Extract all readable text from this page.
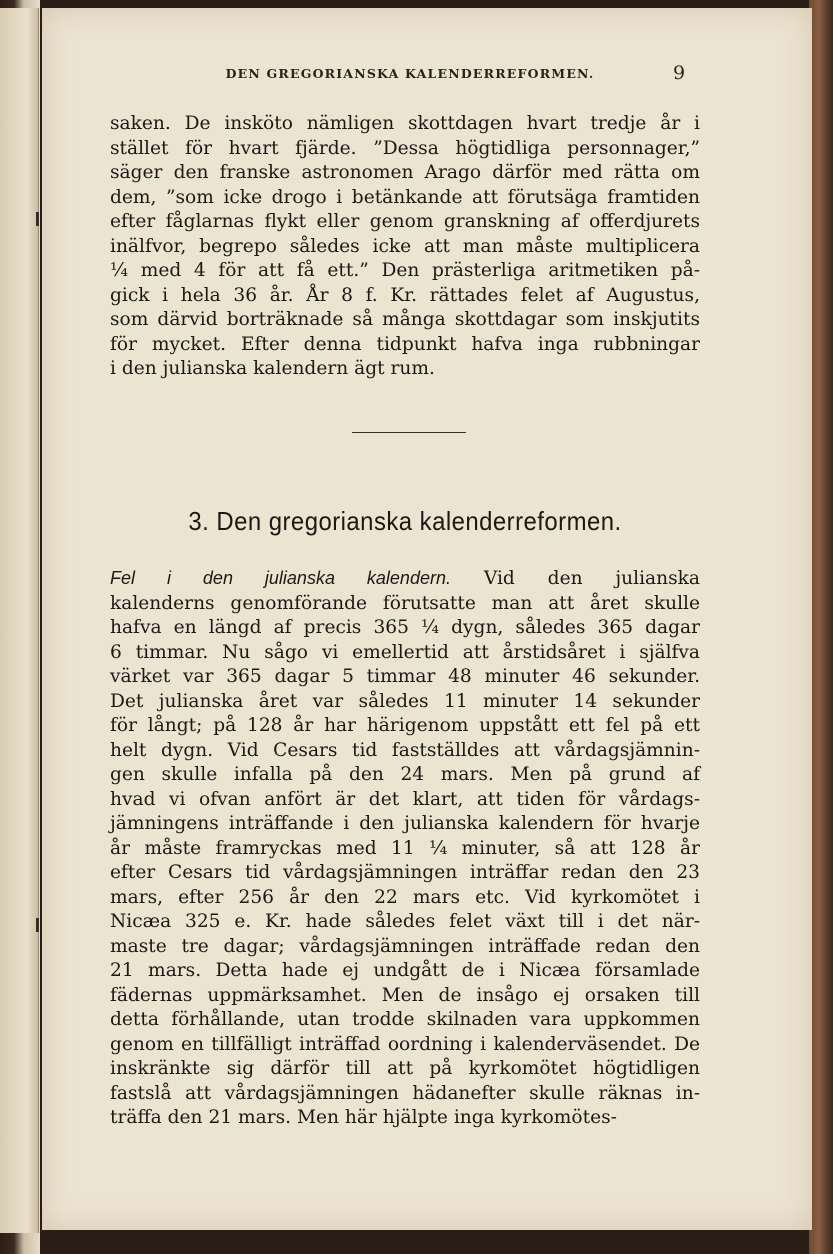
DEN GREGORIANSKA KALENDERREFORMEN.	9
saken. De insköto nämligen skottdagen hvart tredje år i
stället för hvart fjärde. ”Dessa högtidliga personnager,”
säger den franske astronomen Arago därför med rätta om
dem, ”som icke drogo i betänkande att förutsäga framtiden
efter fåglarnas flykt eller genom granskning af offerdjurets
inälfvor, begrepo således icke att man måste multiplicera
¼ med 4 för att få ett.” Den prästerliga aritmetiken på-
gick i hela 36 år. År 8 f. Kr. rättades felet af Augustus,
som därvid borträknade så många skottdagar som inskjutits
för mycket. Efter denna tidpunkt hafva inga rubbningar
i den julianska kalendern ägt rum.
3. Den gregorianska kalenderreformen.
Fel i den julianska kalendern. Vid den julianska
kalenderns genomförande förutsatte man att året skulle
hafva en längd af precis 365 ¼ dygn, således 365 dagar
6 timmar. Nu sågo vi emellertid att årstidsåret i själfva
värket var 365 dagar 5 timmar 48 minuter 46 sekunder.
Det julianska året var således 11 minuter 14 sekunder
för långt; på 128 år har härigenom uppstått ett fel på ett
helt dygn. Vid Cesars tid fastställdes att vårdagsjämnin-
gen skulle infalla på den 24 mars. Men på grund af
hvad vi ofvan anfört är det klart, att tiden för vårdags-
jämningens inträffande i den julianska kalendern för hvarje
år måste framryckas med 11 ¼ minuter, så att 128 år
efter Cesars tid vårdagsjämningen inträffar redan den 23
mars, efter 256 år den 22 mars etc. Vid kyrkomötet i
Nicæa 325 e. Kr. hade således felet växt till i det när-
maste tre dagar; vårdagsjämningen inträffade redan den
21 mars. Detta hade ej undgått de i Nicæa församlade
fädernas uppmärksamhet. Men de insågo ej orsaken till
detta förhållande, utan trodde skilnaden vara uppkommen
genom en tillfälligt inträffad oordning i kalenderväsendet. De
inskränkte sig därför till att på kyrkomötet högtidligen
fastslå att vårdagsjämningen hädanefter skulle räknas in-
träffa den 21 mars. Men här hjälpte inga kyrkomötes-
